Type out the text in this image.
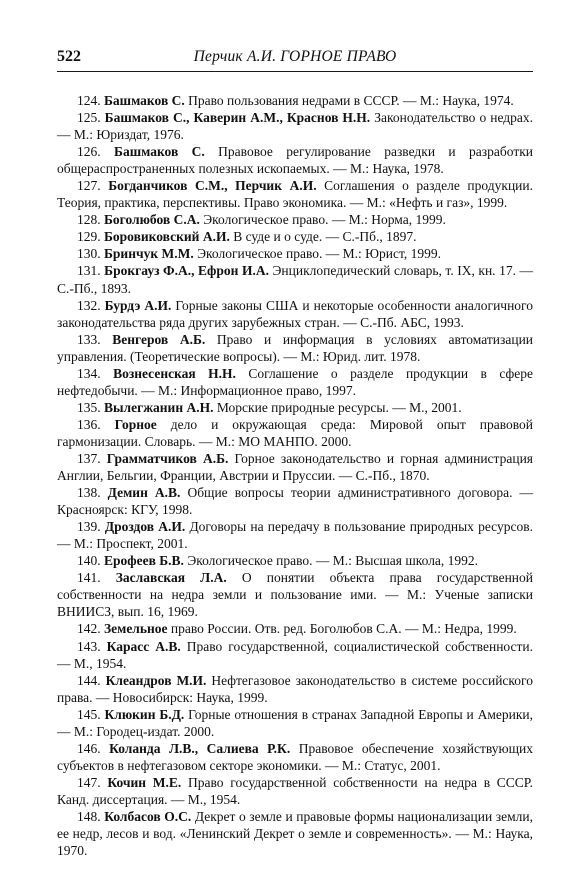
522	Перчик А.И. ГОРНОЕ ПРАВО

124. Башмаков С. Право пользования недрами в СССР. — М.: Наука, 1974.

125. Башмаков С., Каверин А.М., Краснов Н.Н. Законодательство о недрах. — М.: Юриздат, 1976.

126. Башмаков С. Правовое регулирование разведки и разработки общераспространенных полезных ископаемых. — М.: Наука, 1978.

127. Богданчиков С.М., Перчик А.И. Соглашения о разделе продукции. Теория, практика, перспективы. Право экономика. — М.: «Нефть и газ», 1999.

128. Боголюбов С.А. Экологическое право. — М.: Норма, 1999.

129. Боровиковский А.И. В суде и о суде. — С.-Пб., 1897.

130. Бринчук М.М. Экологическое право. — М.: Юрист, 1999.

131. Брокгауз Ф.А., Ефрон И.А. Энциклопедический словарь, т. IX, кн. 17. — С.-Пб., 1893.

132. Бурдэ А.И. Горные законы США и некоторые особенности аналогичного законодательства ряда других зарубежных стран. — С.-Пб. АБС, 1993.

133. Венгеров А.Б. Право и информация в условиях автоматизации управления. (Теоретические вопросы). — М.: Юрид. лит. 1978.

134. Вознесенская Н.Н. Соглашение о разделе продукции в сфере нефтедобычи. — М.: Информационное право, 1997.

135. Вылегжанин А.Н. Морские природные ресурсы. — М., 2001.

136. Горное дело и окружающая среда: Мировой опыт правовой гармонизации. Словарь. — М.: МО МАНПО. 2000.

137. Грамматчиков А.Б. Горное законодательство и горная администрация Англии, Бельгии, Франции, Австрии и Пруссии. — С.-Пб., 1870.

138. Демин А.В. Общие вопросы теории административного договора. — Красноярск: КГУ, 1998.

139. Дроздов А.И. Договоры на передачу в пользование природных ресурсов. — М.: Проспект, 2001.

140. Ерофеев Б.В. Экологическое право. — М.: Высшая школа, 1992.

141. Заславская Л.А. О понятии объекта права государственной собственности на недра земли и пользование ими. — М.: Ученые записки ВНИИСЗ, вып. 16, 1969.

142. Земельное право России. Отв. ред. Боголюбов С.А. — М.: Недра, 1999.

143. Карасс А.В. Право государственной, социалистической собственности. — М., 1954.

144. Клеандров М.И. Нефтегазовое законодательство в системе российского права. — Новосибирск: Наука, 1999.

145. Клюкин Б.Д. Горные отношения в странах Западной Европы и Америки, — М.: Городец-издат. 2000.

146. Коланда Л.В., Салиева Р.К. Правовое обеспечение хозяйствующих субъектов в нефтегазовом секторе экономики. — М.: Статус, 2001.

147. Кочин М.Е. Право государственной собственности на недра в СССР. Канд. диссертация. — М., 1954.

148. Колбасов О.С. Декрет о земле и правовые формы национализации земли, ее недр, лесов и вод. «Ленинский Декрет о земле и современность». — М.: Наука, 1970.
